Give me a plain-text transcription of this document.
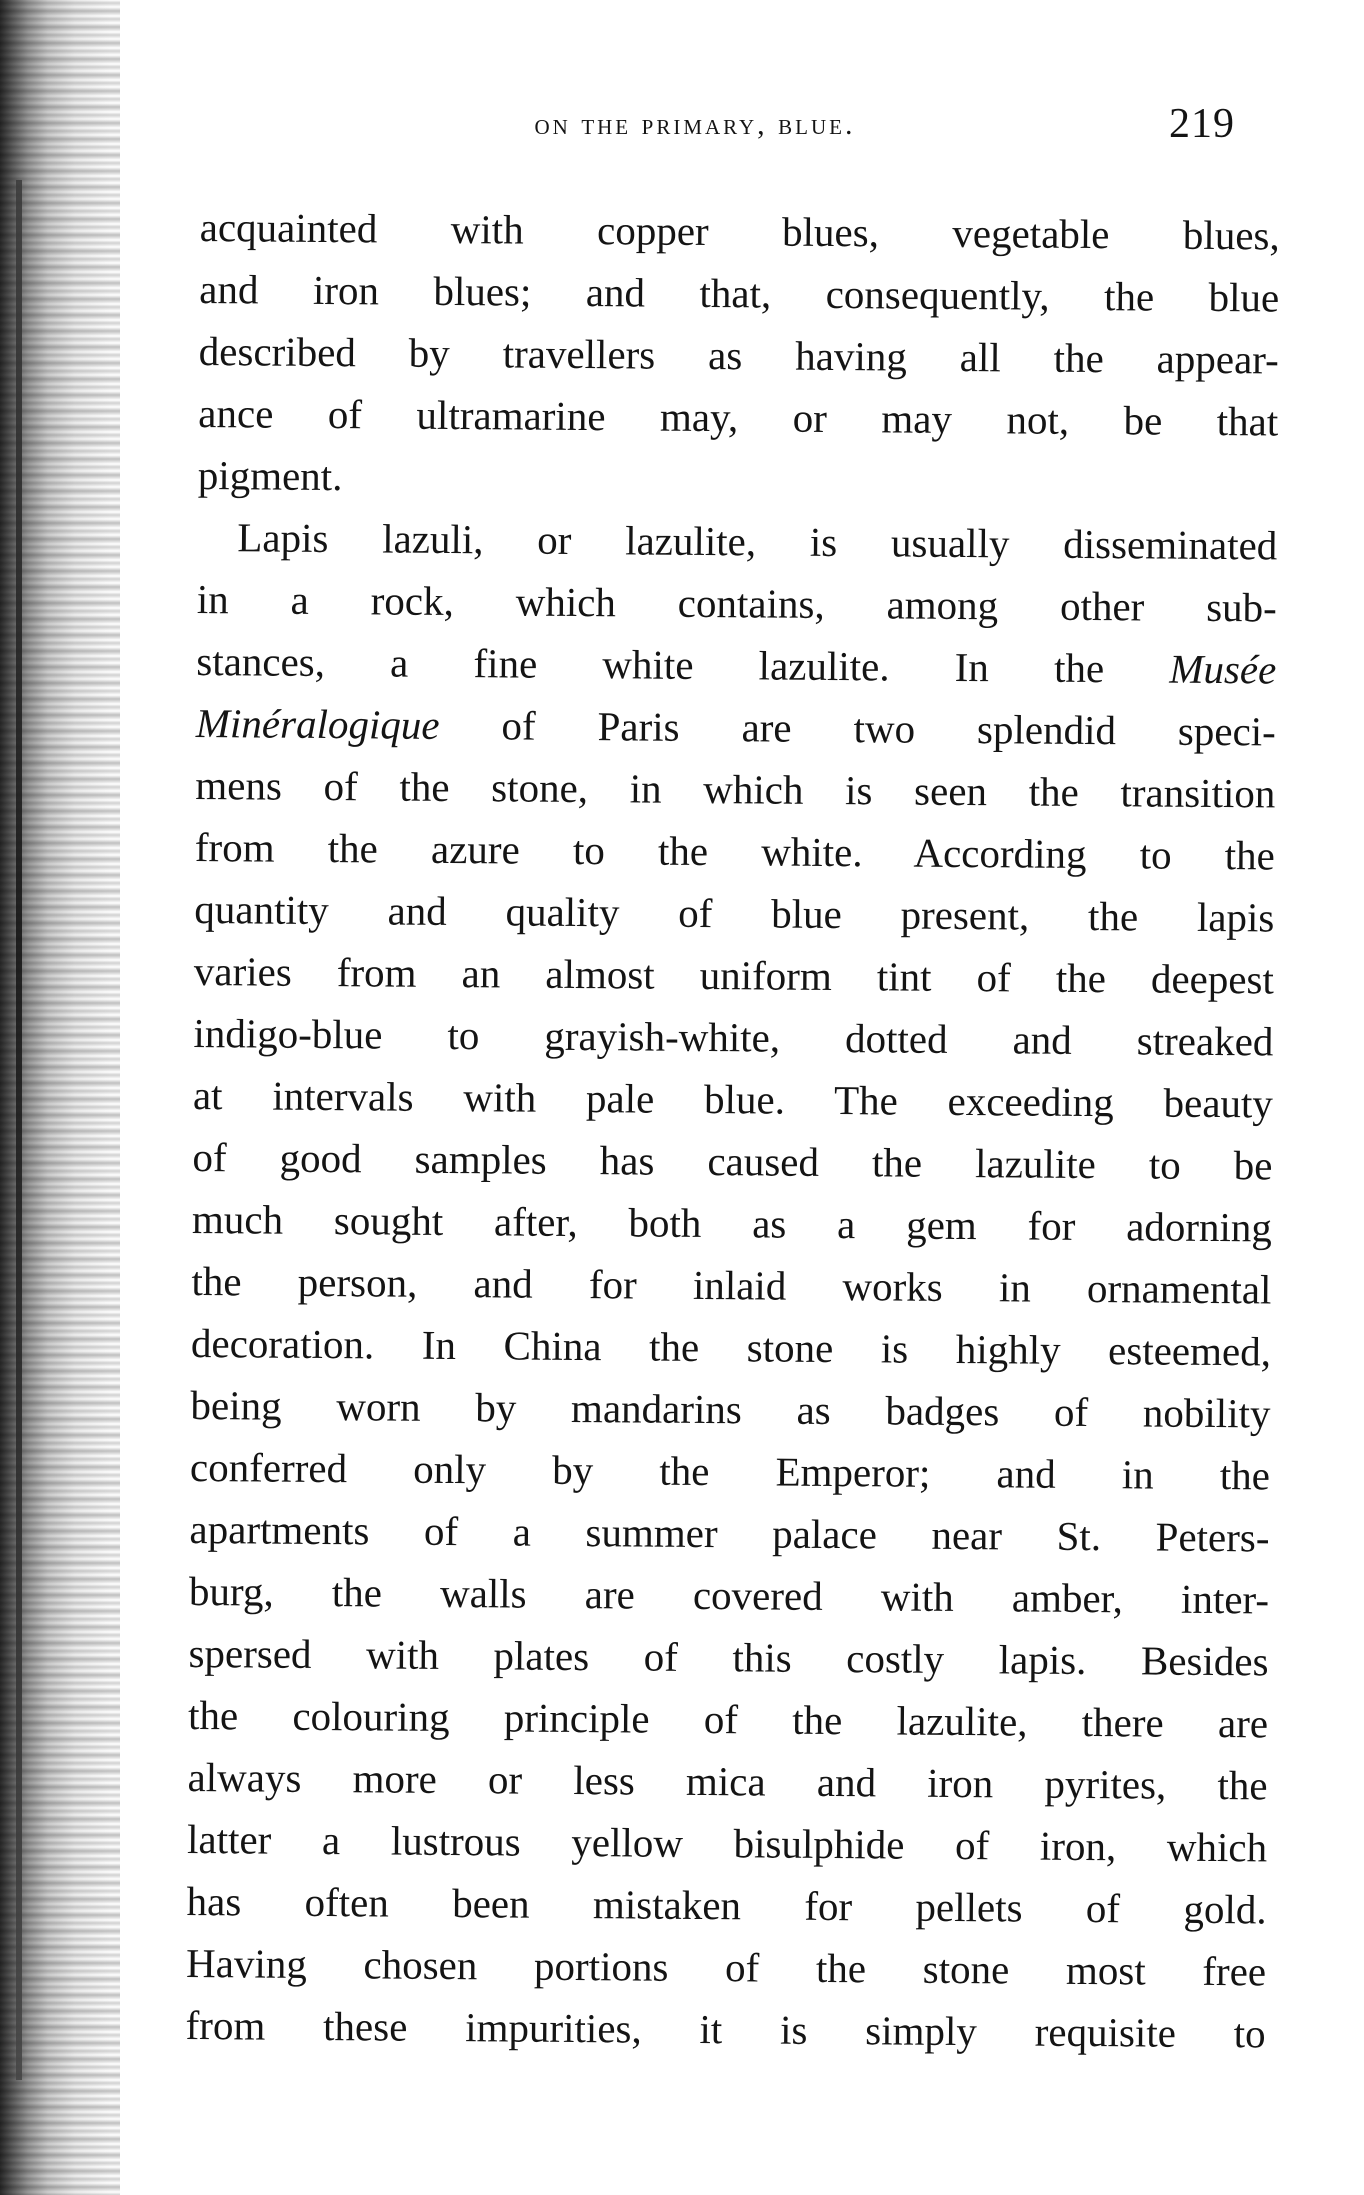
on the primary, blue.	219

acquainted with copper blues, vegetable blues,
and iron blues; and that, consequently, the blue
described by travellers as having all the appear-
ance of ultramarine may, or may not, be that
pigment.

Lapis lazuli, or lazulite, is usually disseminated
in a rock, which contains, among other sub-
stances, a fine white lazulite. In the Musée
Minéralogique of Paris are two splendid speci-
mens of the stone, in which is seen the transition
from the azure to the white. According to the
quantity and quality of blue present, the lapis
varies from an almost uniform tint of the deepest
indigo-blue to grayish-white, dotted and streaked
at intervals with pale blue. The exceeding beauty
of good samples has caused the lazulite to be
much sought after, both as a gem for adorning
the person, and for inlaid works in ornamental
decoration. In China the stone is highly esteemed,
being worn by mandarins as badges of nobility
conferred only by the Emperor; and in the
apartments of a summer palace near St. Peters-
burg, the walls are covered with amber, inter-
spersed with plates of this costly lapis. Besides
the colouring principle of the lazulite, there are
always more or less mica and iron pyrites, the
latter a lustrous yellow bisulphide of iron, which
has often been mistaken for pellets of gold.
Having chosen portions of the stone most free
from these impurities, it is simply requisite to
